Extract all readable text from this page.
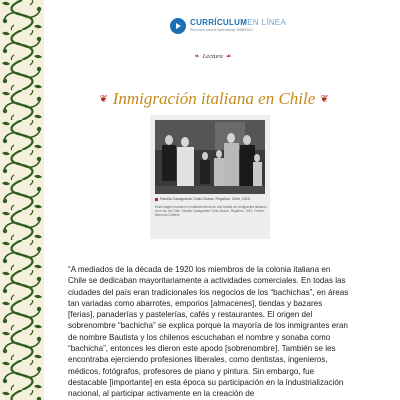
CURRÍCULUMEN LÍNEA
Recursos para el Aprendizaje MINEDUC
❧ Lectura ☙
❦ Inmigración italiana en Chile ❦
Familia Casagrande Celso Bueso. Regalino, Chile, 1910.
Esta imagen muestra el establecimiento de una familia de inmigrantes italianos en el sur de Chile. Familia Casagrande Celso Bueso. Regalino, 1910. Fuente: Memoria Chilena.

“A mediados de la década de 1920 los miembros de la colonia italiana en Chile se dedicaban mayoritariamente a actividades comerciales. En todas las ciudades del país eran tradicionales los negocios de los “bachichas”, en áreas tan variadas como abarrotes, emporios [almacenes], tiendas y bazares [ferias], panaderías y pastelerías, cafés y restaurantes. El origen del sobrenombre “bachicha” se explica porque la mayoría de los inmigrantes eran de nombre Bautista y los chilenos escuchaban el nombre y sonaba como “bachicha”, entonces les dieron este apodo [sobrenombre]. También se les encontraba ejerciendo profesiones liberales, como dentistas, ingenieros, médicos, fotógrafos, profesores de piano y pintura. Sin embargo, fue destacable [importante] en esta época su participación en la industrialización nacional, al participar activamente en la creación de
